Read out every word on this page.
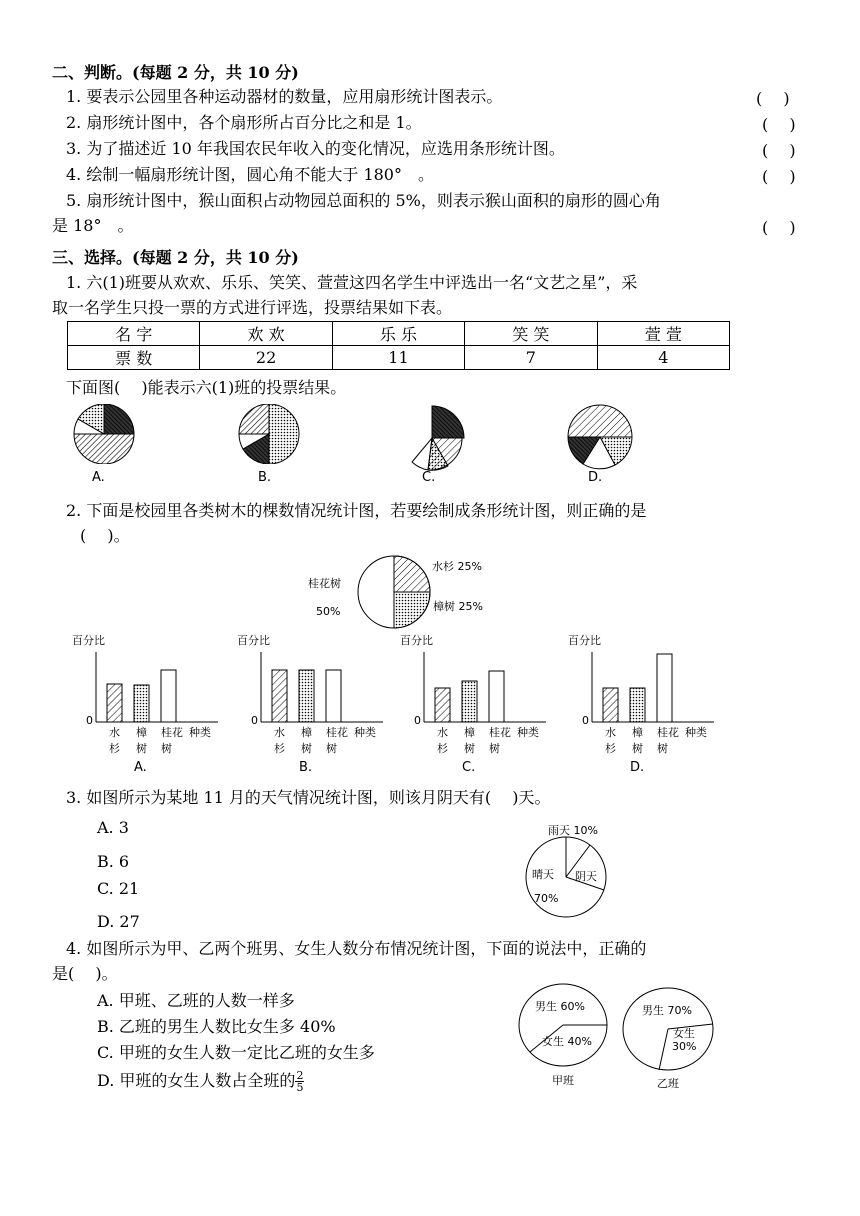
二、判断。(每题 2 分，共 10 分)
1. 要表示公园里各种运动器材的数量，应用扇形统计图表示。	(　 )
2. 扇形统计图中，各个扇形所占百分比之和是 1。	(　 )
3. 为了描述近 10 年我国农民年收入的变化情况，应选用条形统计图。	(　 )
4. 绘制一幅扇形统计图，圆心角不能大于 180°　。	(　 )
5. 扇形统计图中，猴山面积占动物园总面积的 5%，则表示猴山面积的扇形的圆心角
是 18°　。	(　 )
三、选择。(每题 2 分，共 10 分)
1. 六(1)班要从欢欢、乐乐、笑笑、萱萱这四名学生中评选出一名“文艺之星”，采
取一名学生只投一票的方式进行评选，投票结果如下表。
名 字	欢 欢	乐 乐	笑 笑	萱 萱
票 数	22	11	7	4
下面图(　 )能表示六(1)班的投票结果。
A.	B.	C.	D.
2. 下面是校园里各类树木的棵数情况统计图，若要绘制成条形统计图，则正确的是
(　 )。
桂花树
50%
水杉 25%
樟树 25%
百分比
0
水
杉
樟
树
桂花
树
种类
A.
百分比
0
水
杉
樟
树
桂花
树
种类
B.
百分比
0
水
杉
樟
树
桂花
树
种类
C.
百分比
0
水
杉
樟
树
桂花
树
种类
D.
3. 如图所示为某地 11 月的天气情况统计图，则该月阴天有(　 )天。
A. 3
B. 6
C. 21
D. 27
雨天 10%
晴天
70%
阴天
4. 如图所示为甲、乙两个班男、女生人数分布情况统计图，下面的说法中，正确的
是(　 )。
A. 甲班、乙班的人数一样多
B. 乙班的男生人数比女生多 40%
C. 甲班的女生人数一定比乙班的女生多
D. 甲班的女生人数占全班的 $\frac{2}{5}$
男生 60%
女生 40%
甲班
男生 70%
女生
30%
乙班
